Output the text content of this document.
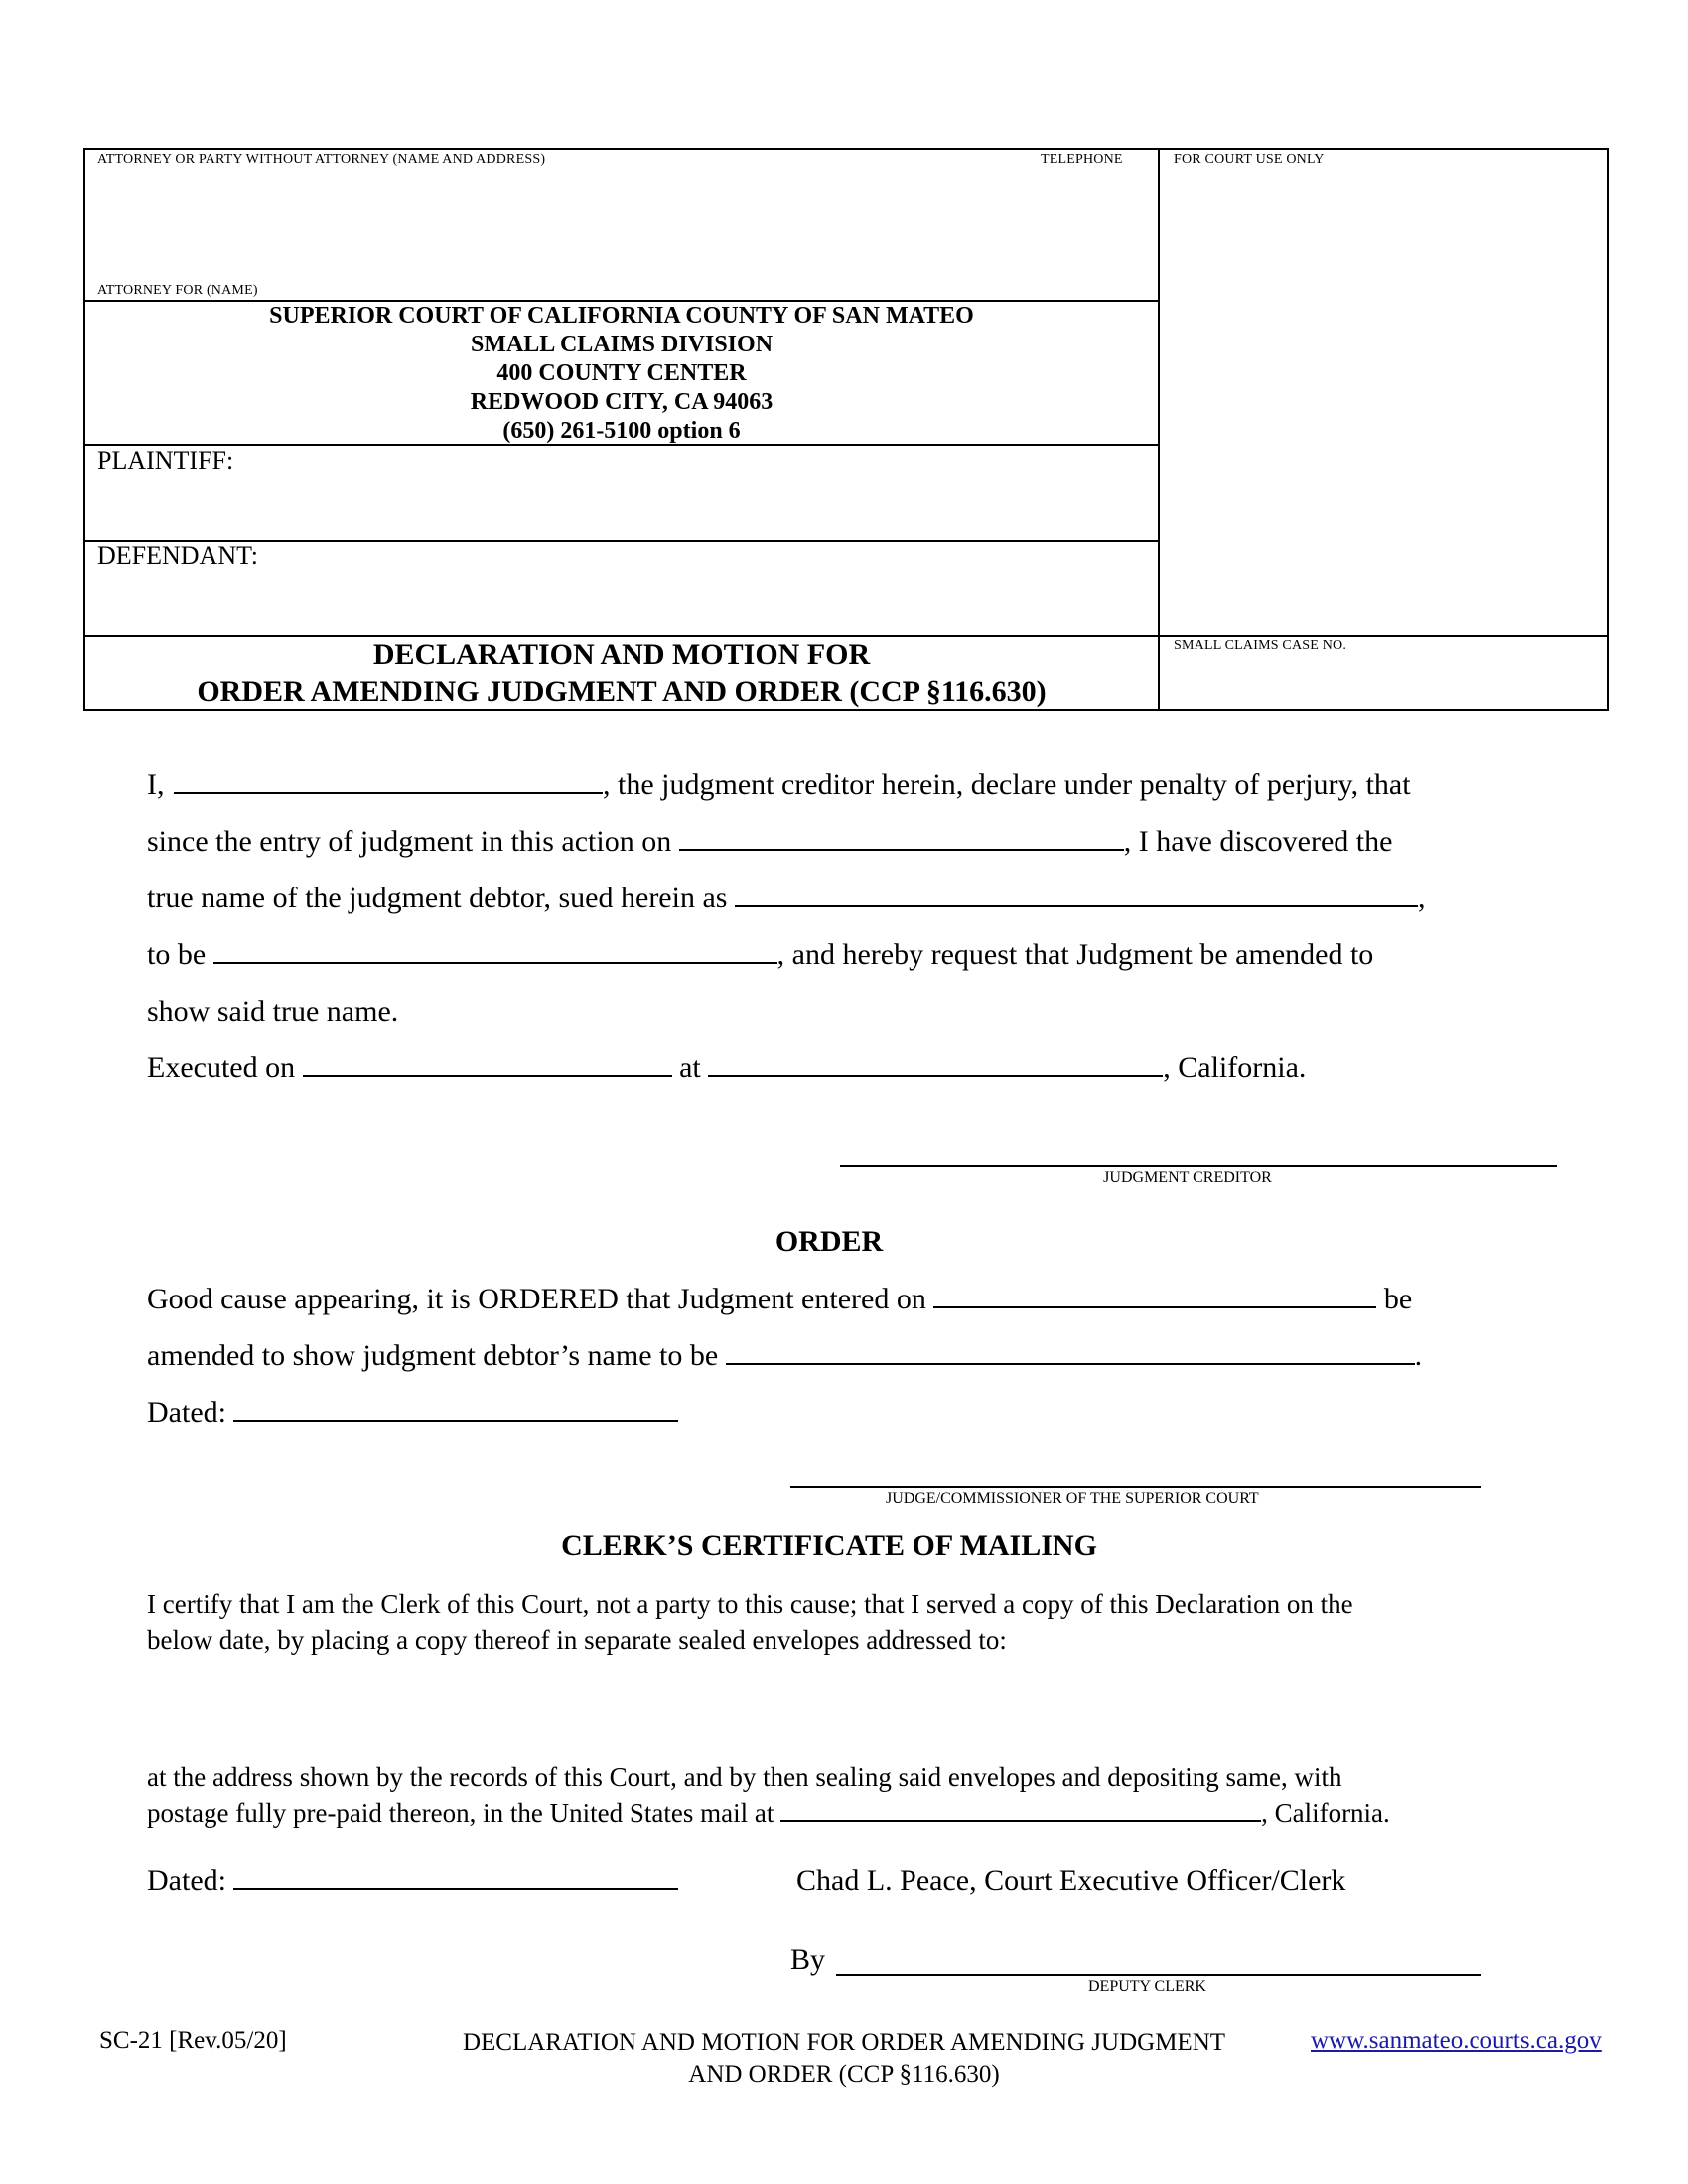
ATTORNEY OR PARTY WITHOUT ATTORNEY (NAME AND ADDRESS)	TELEPHONE	FOR COURT USE ONLY
ATTORNEY FOR (NAME)
SUPERIOR COURT OF CALIFORNIA COUNTY OF SAN MATEO
SMALL CLAIMS DIVISION
400 COUNTY CENTER
REDWOOD CITY, CA 94063
(650) 261-5100 option 6
PLAINTIFF:
DEFENDANT:
DECLARATION AND MOTION FOR
ORDER AMENDING JUDGMENT AND ORDER (CCP §116.630)
SMALL CLAIMS CASE NO.
I,	, the judgment creditor herein, declare under penalty of perjury, that
since the entry of judgment in this action on	, I have discovered the
true name of the judgment debtor, sued herein as	,
to be	, and hereby request that Judgment be amended to
show said true name.
Executed on	at	, California.
JUDGMENT CREDITOR
ORDER
Good cause appearing, it is ORDERED that Judgment entered on	be
amended to show judgment debtor’s name to be	.
Dated:
JUDGE/COMMISSIONER OF THE SUPERIOR COURT
CLERK’S CERTIFICATE OF MAILING
I certify that I am the Clerk of this Court, not a party to this cause; that I served a copy of this Declaration on the
below date, by placing a copy thereof in separate sealed envelopes addressed to:
at the address shown by the records of this Court, and by then sealing said envelopes and depositing same, with
postage fully pre-paid thereon, in the United States mail at	, California.
Dated:	Chad L. Peace, Court Executive Officer/Clerk
By
DEPUTY CLERK
SC-21 [Rev.05/20]	DECLARATION AND MOTION FOR ORDER AMENDING JUDGMENT
AND ORDER (CCP §116.630)
www.sanmateo.courts.ca.gov
